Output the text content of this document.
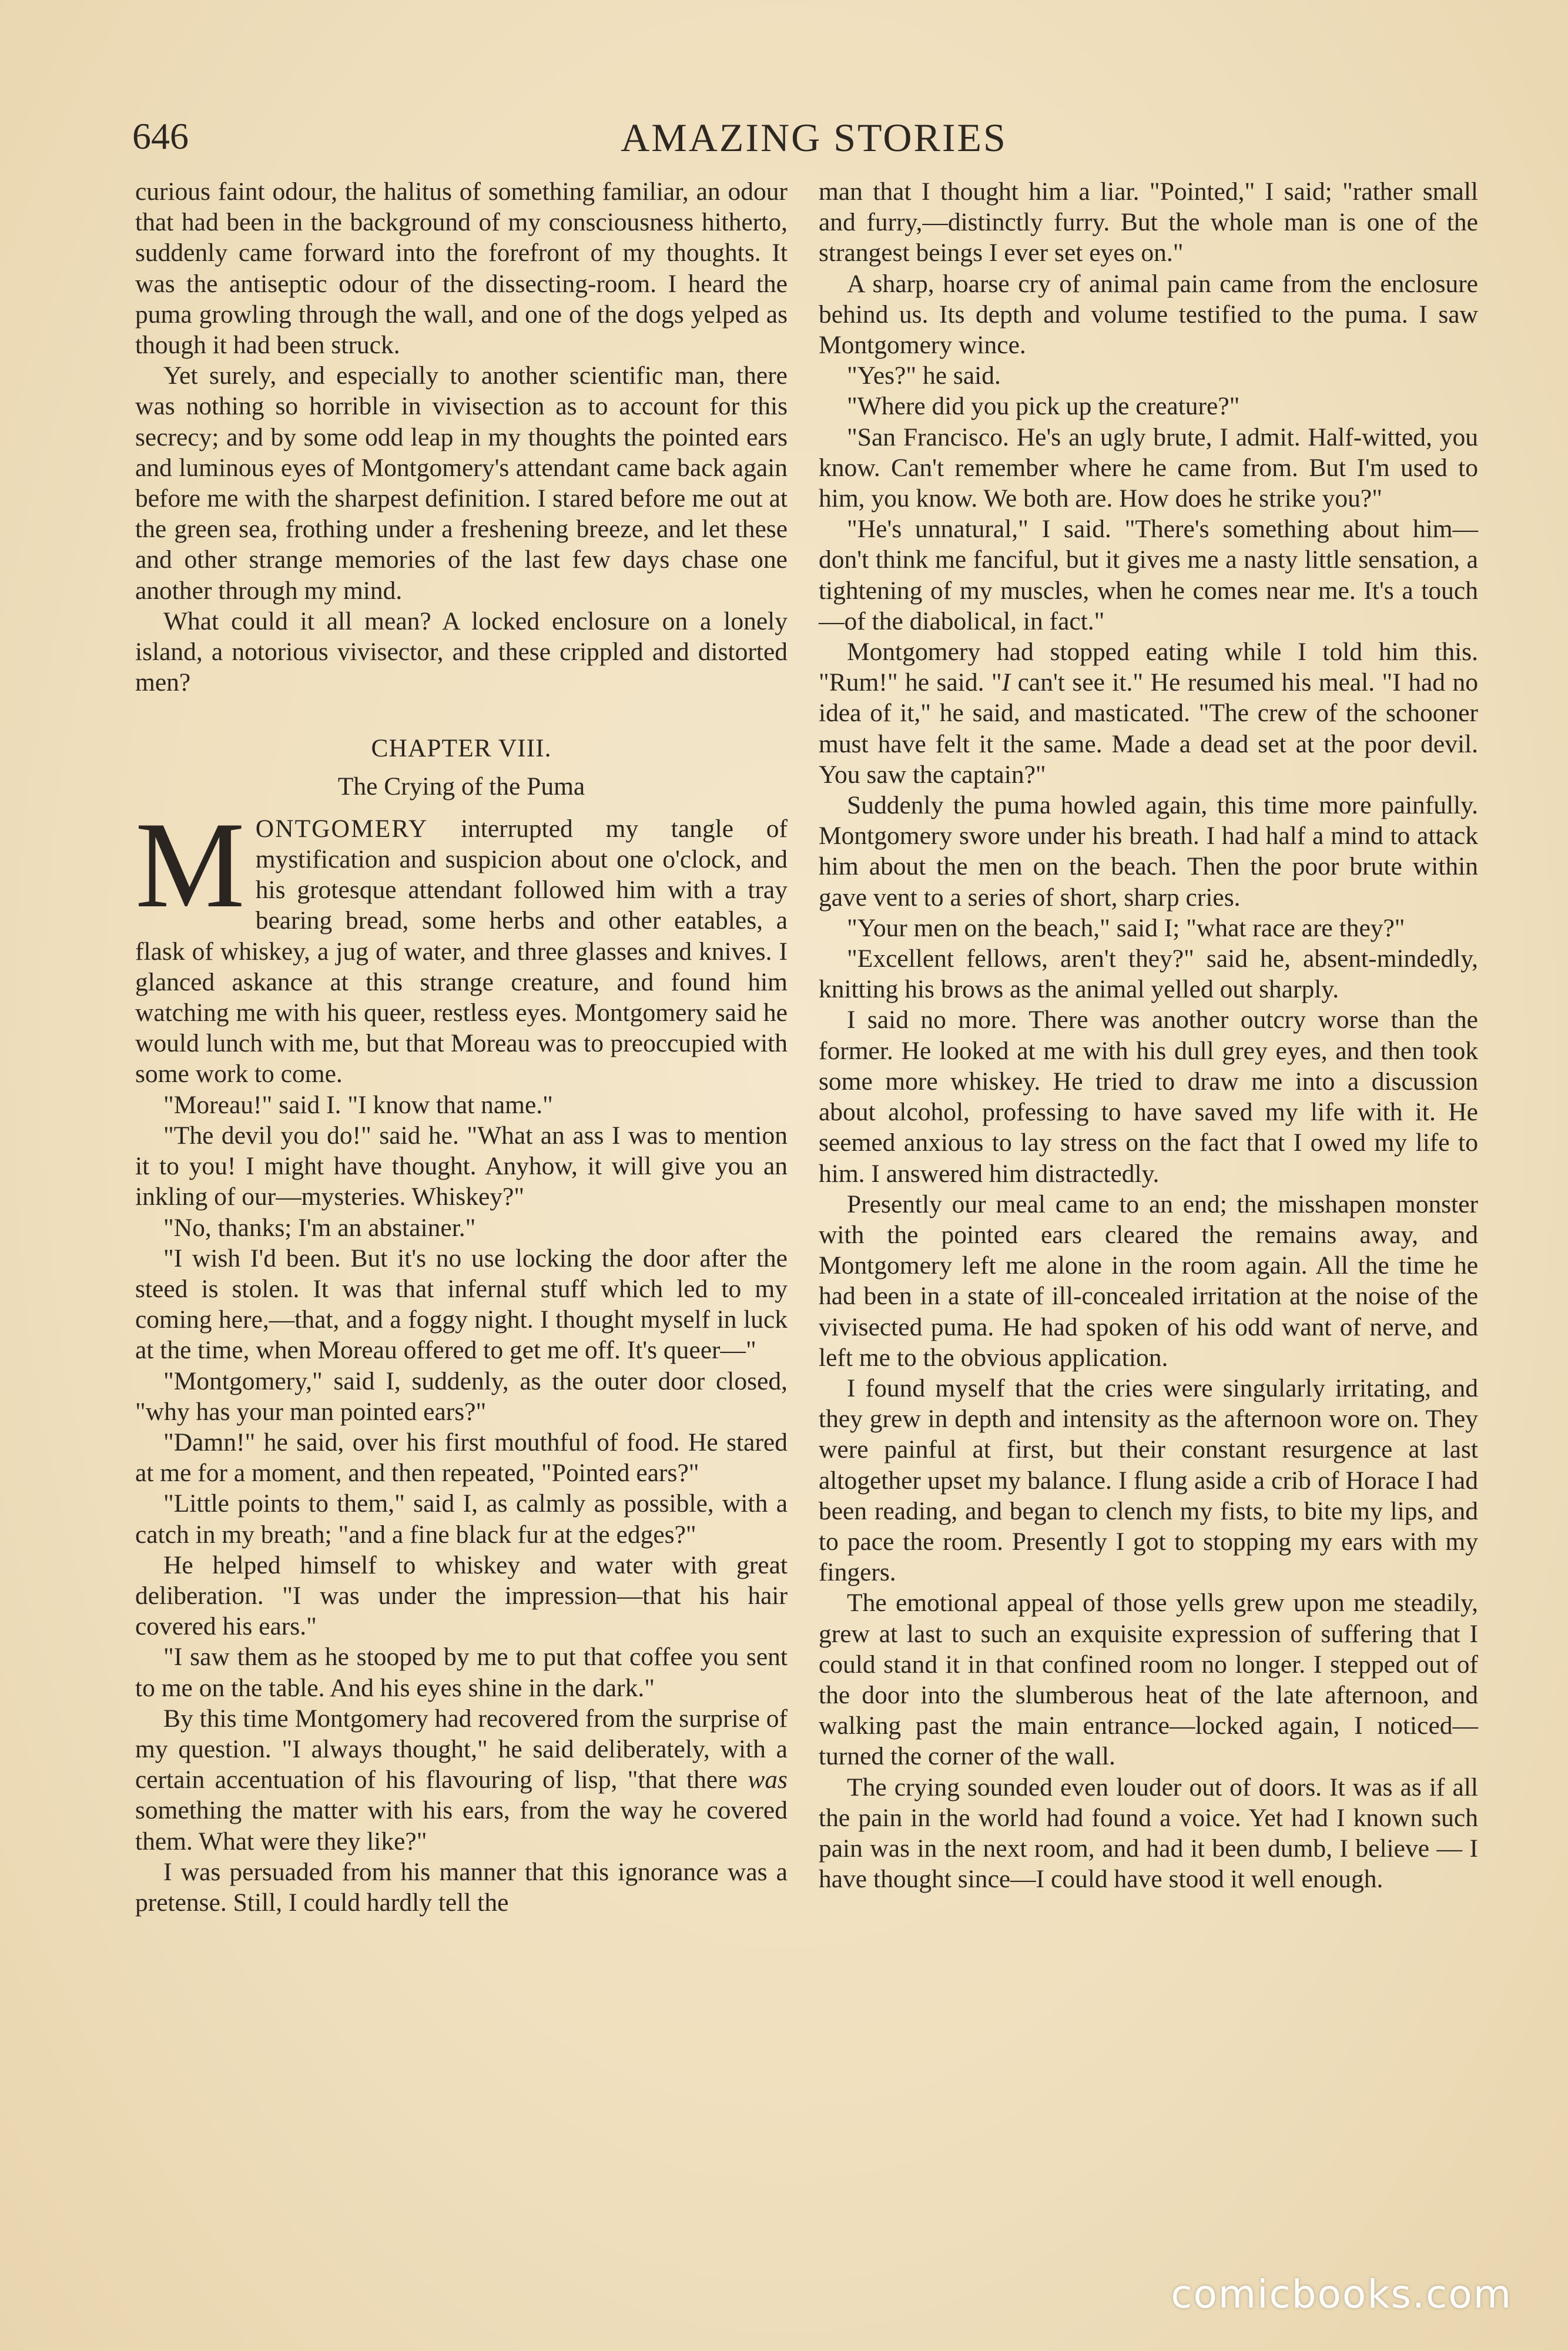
646	AMAZING STORIES

curious faint odour, the halitus of something familiar, an odour that had been in the background of my consciousness hitherto, suddenly came forward into the forefront of my thoughts. It was the antiseptic odour of the dissecting-room. I heard the puma growling through the wall, and one of the dogs yelped as though it had been struck.

Yet surely, and especially to another scientific man, there was nothing so horrible in vivisection as to account for this secrecy; and by some odd leap in my thoughts the pointed ears and luminous eyes of Montgomery's attendant came back again before me with the sharpest definition. I stared before me out at the green sea, frothing under a freshening breeze, and let these and other strange memories of the last few days chase one another through my mind.

What could it all mean? A locked enclosure on a lonely island, a notorious vivisector, and these crippled and distorted men?

CHAPTER VIII.

The Crying of the Puma

MONTGOMERY interrupted my tangle of mystification and suspicion about one o'clock, and his grotesque attendant followed him with a tray bearing bread, some herbs and other eatables, a flask of whiskey, a jug of water, and three glasses and knives. I glanced askance at this strange creature, and found him watching me with his queer, restless eyes. Montgomery said he would lunch with me, but that Moreau was to preoccupied with some work to come.

"Moreau!" said I. "I know that name."

"The devil you do!" said he. "What an ass I was to mention it to you! I might have thought. Anyhow, it will give you an inkling of our—mysteries. Whiskey?"

"No, thanks; I'm an abstainer."

"I wish I'd been. But it's no use locking the door after the steed is stolen. It was that infernal stuff which led to my coming here,—that, and a foggy night. I thought myself in luck at the time, when Moreau offered to get me off. It's queer—"

"Montgomery," said I, suddenly, as the outer door closed, "why has your man pointed ears?"

"Damn!" he said, over his first mouthful of food. He stared at me for a moment, and then repeated, "Pointed ears?"

"Little points to them," said I, as calmly as possible, with a catch in my breath; "and a fine black fur at the edges?"

He helped himself to whiskey and water with great deliberation. "I was under the impression—that his hair covered his ears."

"I saw them as he stooped by me to put that coffee you sent to me on the table. And his eyes shine in the dark."

By this time Montgomery had recovered from the surprise of my question. "I always thought," he said deliberately, with a certain accentuation of his flavouring of lisp, "that there was something the matter with his ears, from the way he covered them. What were they like?"

I was persuaded from his manner that this ignorance was a pretense. Still, I could hardly tell the

man that I thought him a liar. "Pointed," I said; "rather small and furry,—distinctly furry. But the whole man is one of the strangest beings I ever set eyes on."

A sharp, hoarse cry of animal pain came from the enclosure behind us. Its depth and volume testified to the puma. I saw Montgomery wince.

"Yes?" he said.

"Where did you pick up the creature?"

"San Francisco. He's an ugly brute, I admit. Half-witted, you know. Can't remember where he came from. But I'm used to him, you know. We both are. How does he strike you?"

"He's unnatural," I said. "There's something about him—don't think me fanciful, but it gives me a nasty little sensation, a tightening of my muscles, when he comes near me. It's a touch—of the diabolical, in fact."

Montgomery had stopped eating while I told him this. "Rum!" he said. "I can't see it." He resumed his meal. "I had no idea of it," he said, and masticated. "The crew of the schooner must have felt it the same. Made a dead set at the poor devil. You saw the captain?"

Suddenly the puma howled again, this time more painfully. Montgomery swore under his breath. I had half a mind to attack him about the men on the beach. Then the poor brute within gave vent to a series of short, sharp cries.

"Your men on the beach," said I; "what race are they?"

"Excellent fellows, aren't they?" said he, absent-mindedly, knitting his brows as the animal yelled out sharply.

I said no more. There was another outcry worse than the former. He looked at me with his dull grey eyes, and then took some more whiskey. He tried to draw me into a discussion about alcohol, professing to have saved my life with it. He seemed anxious to lay stress on the fact that I owed my life to him. I answered him distractedly.

Presently our meal came to an end; the misshapen monster with the pointed ears cleared the remains away, and Montgomery left me alone in the room again. All the time he had been in a state of ill-concealed irritation at the noise of the vivisected puma. He had spoken of his odd want of nerve, and left me to the obvious application.

I found myself that the cries were singularly irritating, and they grew in depth and intensity as the afternoon wore on. They were painful at first, but their constant resurgence at last altogether upset my balance. I flung aside a crib of Horace I had been reading, and began to clench my fists, to bite my lips, and to pace the room. Presently I got to stopping my ears with my fingers.

The emotional appeal of those yells grew upon me steadily, grew at last to such an exquisite expression of suffering that I could stand it in that confined room no longer. I stepped out of the door into the slumberous heat of the late afternoon, and walking past the main entrance—locked again, I noticed—turned the corner of the wall.

The crying sounded even louder out of doors. It was as if all the pain in the world had found a voice. Yet had I known such pain was in the next room, and had it been dumb, I believe — I have thought since—I could have stood it well enough.

comicbooks.com
